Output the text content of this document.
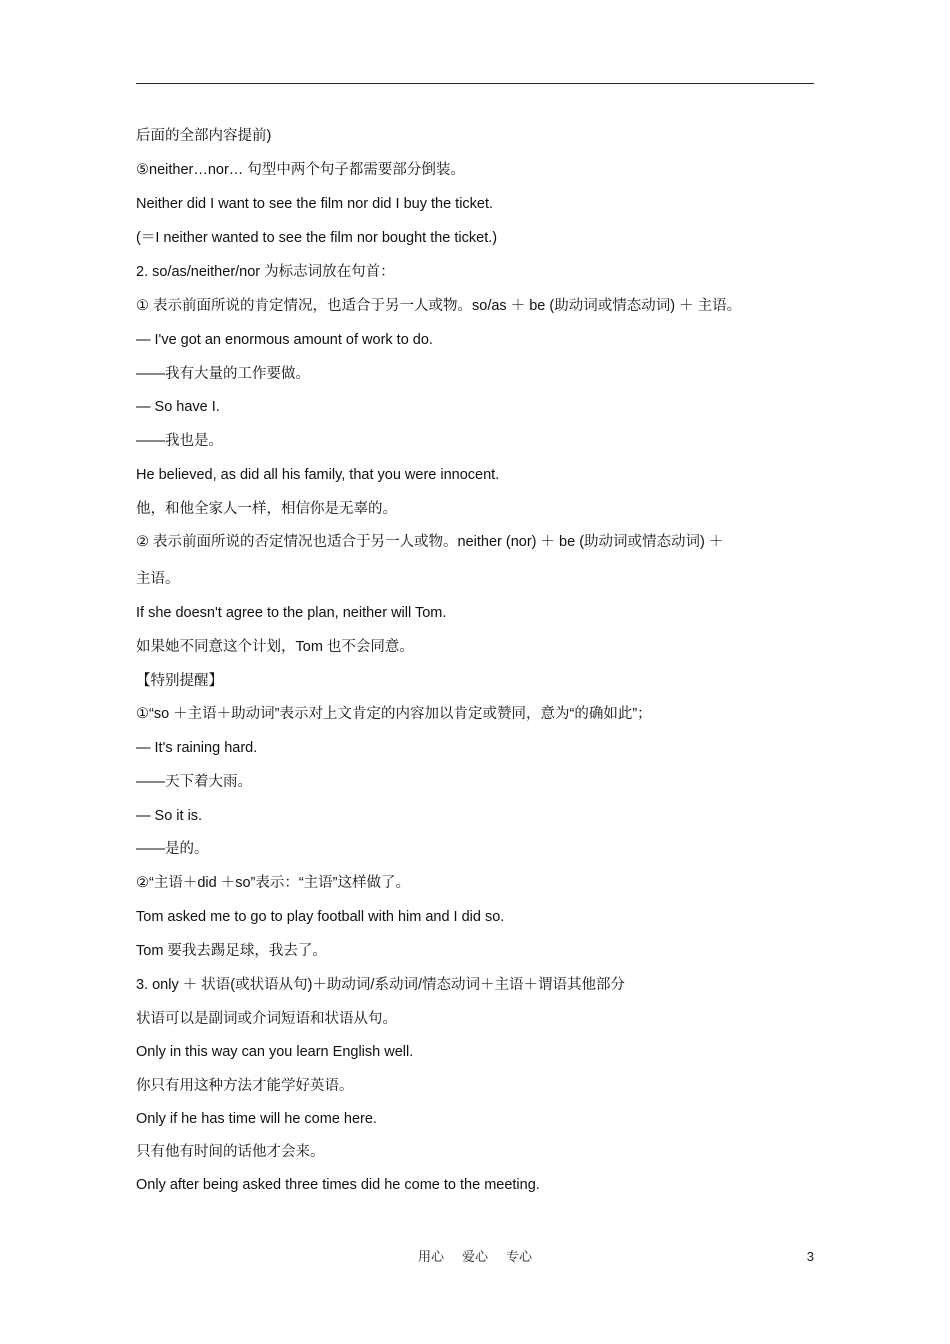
后面的全部内容提前)
⑤neither…nor… 句型中两个句子都需要部分倒装。
Neither did I want to see the film nor did I buy the ticket.
(＝I neither wanted to see the film nor bought the ticket.)
2. so/as/neither/nor 为标志词放在句首：
① 表示前面所说的肯定情况，也适合于另一人或物。so/as ＋ be (助动词或情态动词) ＋ 主语。
— I've got an enormous amount of work to do.
——我有大量的工作要做。
— So have I.
——我也是。
He believed, as did all his family, that you were innocent.
他，和他全家人一样，相信你是无辜的。
② 表示前面所说的否定情况也适合于另一人或物。neither (nor) ＋ be (助动词或情态动词) ＋
主语。
If she doesn't agree to the plan, neither will Tom.
如果她不同意这个计划，Tom 也不会同意。
【特别提醒】
①“so ＋主语＋助动词”表示对上文肯定的内容加以肯定或赞同，意为“的确如此”；
— It's raining hard.
——天下着大雨。
— So it is.
——是的。
②“主语＋did ＋so”表示：“主语”这样做了。
Tom asked me to go to play football with him and I did so.
Tom 要我去踢足球，我去了。
3. only ＋ 状语(或状语从句)＋助动词/系动词/情态动词＋主语＋谓语其他部分
状语可以是副词或介词短语和状语从句。
Only in this way can you learn English well.
你只有用这种方法才能学好英语。
Only if he has time will he come here.
只有他有时间的话他才会来。
Only after being asked three times did he come to the meeting.
用心 爱心 专心	3
